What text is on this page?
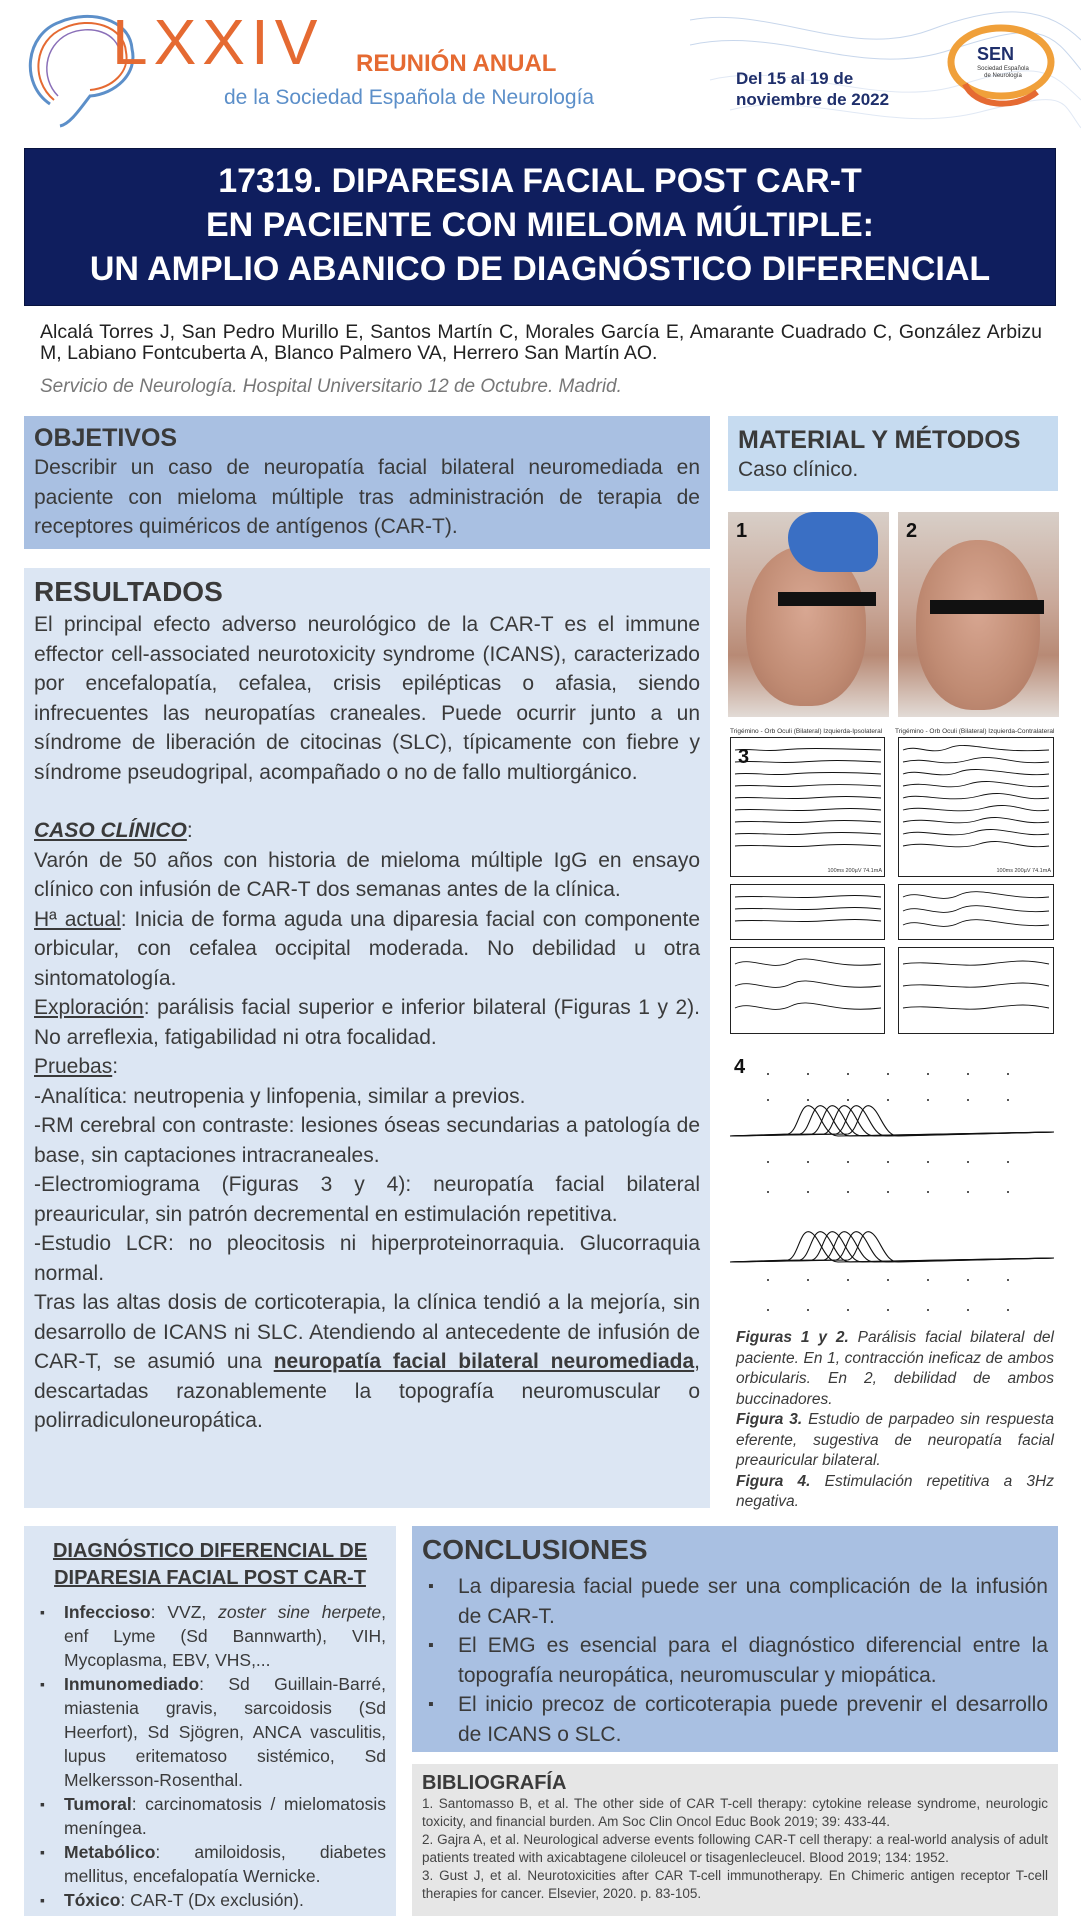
LXXIV REUNIÓN ANUAL
de la Sociedad Española de Neurología
Del 15 al 19 de
noviembre de 2022
SEN
Sociedad Española de Neurología
17319. DIPARESIA FACIAL POST CAR-T
EN PACIENTE CON MIELOMA MÚLTIPLE:
UN AMPLIO ABANICO DE DIAGNÓSTICO DIFERENCIAL
Alcalá Torres J, San Pedro Murillo E, Santos Martín C, Morales García E, Amarante Cuadrado C, González Arbizu M, Labiano Fontcuberta A, Blanco Palmero VA, Herrero San Martín AO.
Servicio de Neurología. Hospital Universitario 12 de Octubre. Madrid.
OBJETIVOS
Describir un caso de neuropatía facial bilateral neuromediada en paciente con mieloma múltiple tras administración de terapia de receptores quiméricos de antígenos (CAR-T).
MATERIAL Y MÉTODOS
Caso clínico.
RESULTADOS
El principal efecto adverso neurológico de la CAR-T es el immune effector cell-associated neurotoxicity syndrome (ICANS), caracterizado por encefalopatía, cefalea, crisis epilépticas o afasia, siendo infrecuentes las neuropatías craneales. Puede ocurrir junto a un síndrome de liberación de citocinas (SLC), típicamente con fiebre y síndrome pseudogripal, acompañado o no de fallo multiorgánico.
CASO CLÍNICO:
Varón de 50 años con historia de mieloma múltiple IgG en ensayo clínico con infusión de CAR-T dos semanas antes de la clínica.
Hª actual: Inicia de forma aguda una diparesia facial con componente orbicular, con cefalea occipital moderada. No debilidad u otra sintomatología.
Exploración: parálisis facial superior e inferior bilateral (Figuras 1 y 2). No arreflexia, fatigabilidad ni otra focalidad.
Pruebas:
-Analítica: neutropenia y linfopenia, similar a previos.
-RM cerebral con contraste: lesiones óseas secundarias a patología de base, sin captaciones intracraneales.
-Electromiograma (Figuras 3 y 4): neuropatía facial bilateral preauricular, sin patrón decremental en estimulación repetitiva.
-Estudio LCR: no pleocitosis ni hiperproteinorraquia. Glucorraquia normal.
Tras las altas dosis de corticoterapia, la clínica tendió a la mejoría, sin desarrollo de ICANS ni SLC. Atendiendo al antecedente de infusión de CAR-T, se asumió una neuropatía facial bilateral neuromediada, descartadas razonablemente la topografía neuromuscular o polirradiculoneuropática.
1	2
Trigémino - Orb Oculi (Bilateral) Izquierda-Ipsolateral Trigémino - Orb Oculi (Bilateral) Izquierda-Contralateral
100ms 200µV 74.1mA	100ms 200µV 74.1mA
3
4
Figuras 1 y 2. Parálisis facial bilateral del paciente. En 1, contracción ineficaz de ambos orbicularis. En 2, debilidad de ambos buccinadores.
Figura 3. Estudio de parpadeo sin respuesta eferente, sugestiva de neuropatía facial preauricular bilateral.
Figura 4. Estimulación repetitiva a 3Hz negativa.
DIAGNÓSTICO DIFERENCIAL DE
DIPARESIA FACIAL POST CAR-T
▪ Infeccioso: VVZ, zoster sine herpete, enf Lyme (Sd Bannwarth), VIH, Mycoplasma, EBV, VHS,...
▪ Inmunomediado: Sd Guillain-Barré, miastenia gravis, sarcoidosis (Sd Heerfort), Sd Sjögren, ANCA vasculitis, lupus eritematoso sistémico, Sd Melkersson-Rosenthal.
▪ Tumoral: carcinomatosis / mielomatosis meníngea.
▪ Metabólico: amiloidosis, diabetes mellitus, encefalopatía Wernicke.
▪ Tóxico: CAR-T (Dx exclusión).
CONCLUSIONES
▪ La diparesia facial puede ser una complicación de la infusión de CAR-T.
▪ El EMG es esencial para el diagnóstico diferencial entre la topografía neuropática, neuromuscular y miopática.
▪ El inicio precoz de corticoterapia puede prevenir el desarrollo de ICANS o SLC.
BIBLIOGRAFÍA
1. Santomasso B, et al. The other side of CAR T-cell therapy: cytokine release syndrome, neurologic toxicity, and financial burden. Am Soc Clin Oncol Educ Book 2019; 39: 433-44.
2. Gajra A, et al. Neurological adverse events following CAR-T cell therapy: a real-world analysis of adult patients treated with axicabtagene ciloleucel or tisagenlecleucel. Blood 2019; 134: 1952.
3. Gust J, et al. Neurotoxicities after CAR T-cell immunotherapy. En Chimeric antigen receptor T-cell therapies for cancer. Elsevier, 2020. p. 83-105.
